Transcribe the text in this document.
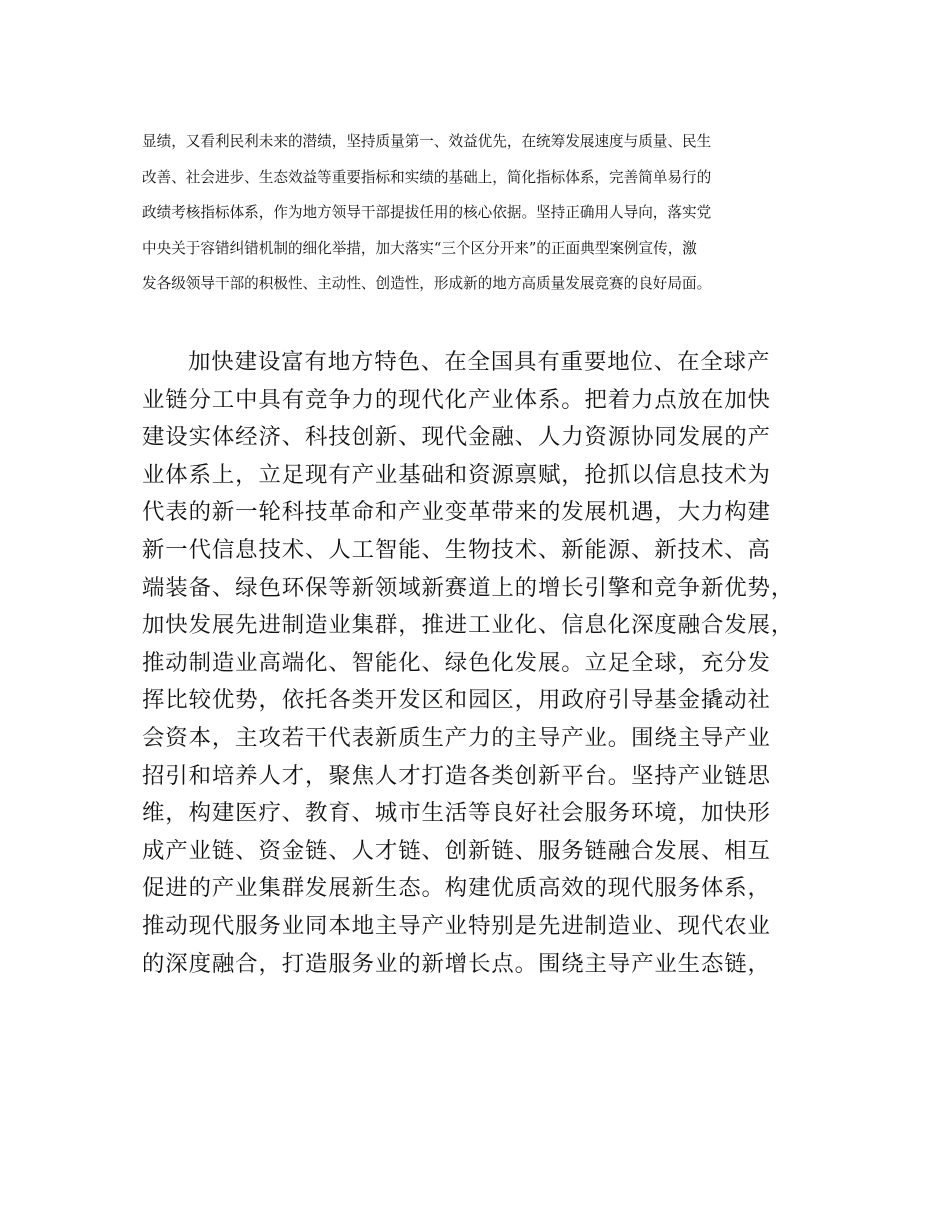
显绩，又看利民利未来的潜绩，坚持质量第一、效益优先，在统筹发展速度与质量、民生
改善、社会进步、生态效益等重要指标和实绩的基础上，简化指标体系，完善简单易行的
政绩考核指标体系，作为地方领导干部提拔任用的核心依据。坚持正确用人导向，落实党
中央关于容错纠错机制的细化举措，加大落实“三个区分开来”的正面典型案例宣传，激
发各级领导干部的积极性、主动性、创造性，形成新的地方高质量发展竞赛的良好局面。

加快建设富有地方特色、在全国具有重要地位、在全球产
业链分工中具有竞争力的现代化产业体系。把着力点放在加快
建设实体经济、科技创新、现代金融、人力资源协同发展的产
业体系上，立足现有产业基础和资源禀赋，抢抓以信息技术为
代表的新一轮科技革命和产业变革带来的发展机遇，大力构建
新一代信息技术、人工智能、生物技术、新能源、新技术、高
端装备、绿色环保等新领域新赛道上的增长引擎和竞争新优势，
加快发展先进制造业集群，推进工业化、信息化深度融合发展，
推动制造业高端化、智能化、绿色化发展。立足全球，充分发
挥比较优势，依托各类开发区和园区，用政府引导基金撬动社
会资本，主攻若干代表新质生产力的主导产业。围绕主导产业
招引和培养人才，聚焦人才打造各类创新平台。坚持产业链思
维，构建医疗、教育、城市生活等良好社会服务环境，加快形
成产业链、资金链、人才链、创新链、服务链融合发展、相互
促进的产业集群发展新生态。构建优质高效的现代服务体系，
推动现代服务业同本地主导产业特别是先进制造业、现代农业
的深度融合，打造服务业的新增长点。围绕主导产业生态链，
